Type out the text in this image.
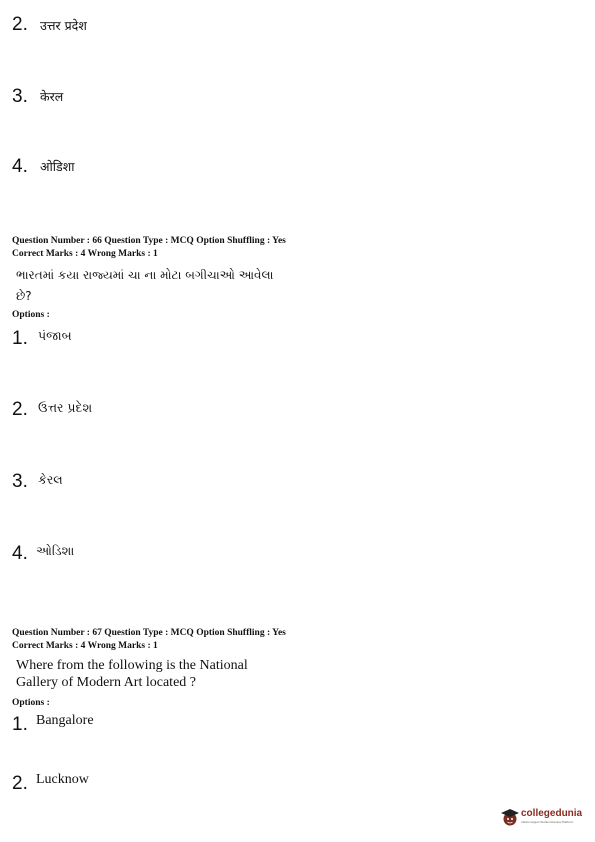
2. उत्तर प्रदेश
3. केरल
4. ओडिशा
Question Number : 66 Question Type : MCQ Option Shuffling : Yes
Correct Marks : 4 Wrong Marks : 1
ભારતમાં કયા રાજ્યમાં ચા ના મોટા બગીચાઓ આવેલા
છે?
Options :
1. પંજાબ
2. ઉત્તર પ્રદેશ
3. કેરલ
4. ઓડિશા
Question Number : 67 Question Type : MCQ Option Shuffling : Yes
Correct Marks : 4 Wrong Marks : 1
Where from the following is the National
Gallery of Modern Art located ?
Options :
1. Bangalore
2. Lucknow
collegedunia
India's largest Student Review Platform
